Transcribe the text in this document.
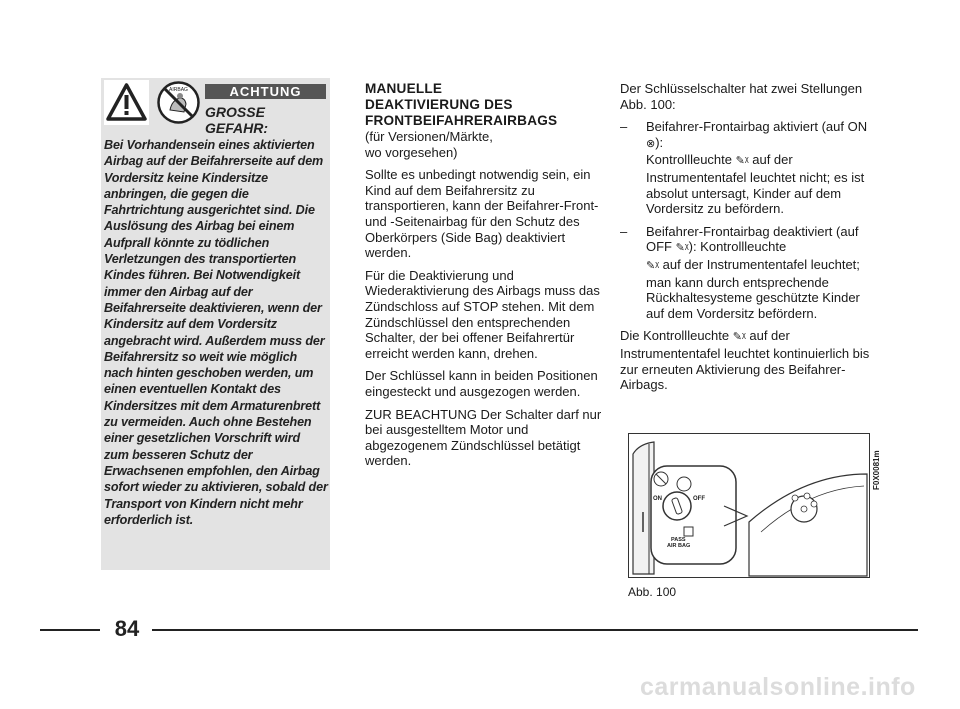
AIRBAG	ACHTUNG
GROSSE
GEFAHR:
Bei Vorhandensein eines aktivierten Airbag auf der Beifahrerseite auf dem Vordersitz keine Kindersitze anbringen, die gegen die Fahrtrichtung ausgerichtet sind. Die Auslösung des Airbag bei einem Aufprall könnte zu tödlichen Verletzungen des transportierten Kindes führen. Bei Notwendigkeit immer den Airbag auf der Beifahrerseite deaktivieren, wenn der Kindersitz auf dem Vordersitz angebracht wird. Außerdem muss der Beifahrersitz so weit wie möglich nach hinten geschoben werden, um einen eventuellen Kontakt des Kindersitzes mit dem Armaturenbrett zu vermeiden. Auch ohne Bestehen einer gesetzlichen Vorschrift wird zum besseren Schutz der Erwachsenen empfohlen, den Airbag sofort wieder zu aktivieren, sobald der Transport von Kindern nicht mehr erforderlich ist.
MANUELLE
DEAKTIVIERUNG DES
FRONTBEIFAHRERAIRBAGS

(für Versionen/Märkte,
wo vorgesehen)

Sollte es unbedingt notwendig sein, ein Kind auf dem Beifahrersitz zu transportieren, kann der Beifahrer-Front- und -Seitenairbag für den Schutz des Oberkörpers (Side Bag) deaktiviert werden.

Für die Deaktivierung und Wiederaktivierung des Airbags muss das Zündschloss auf STOP stehen. Mit dem Zündschlüssel den entsprechenden Schalter, der bei offener Beifahrertür erreicht werden kann, drehen.

Der Schlüssel kann in beiden Positionen eingesteckt und ausgezogen werden.

ZUR BEACHTUNG Der Schalter darf nur bei ausgestelltem Motor und abgezogenem Zündschlüssel betätigt werden.

Der Schlüsselschalter hat zwei Stellungen Abb. 100:

– Beifahrer-Frontairbag aktiviert (auf ON ⊗):
Kontrollleuchte ✎ᵡ auf der Instrumententafel leuchtet nicht; es ist absolut untersagt, Kinder auf dem Vordersitz zu befördern.
– Beifahrer-Frontairbag deaktiviert (auf OFF ✎ᵡ): Kontrollleuchte
✎ᵡ auf der Instrumententafel leuchtet; man kann durch entsprechende Rückhaltesysteme geschützte Kinder auf dem Vordersitz befördern.

Die Kontrollleuchte ✎ᵡ auf der Instrumententafel leuchtet kontinuierlich bis zur erneuten Aktivierung des Beifahrer-Airbags.

ON	OFF
PASS
AIR BAG
F0X0081m
Abb. 100
84
carmanualsonline.info
